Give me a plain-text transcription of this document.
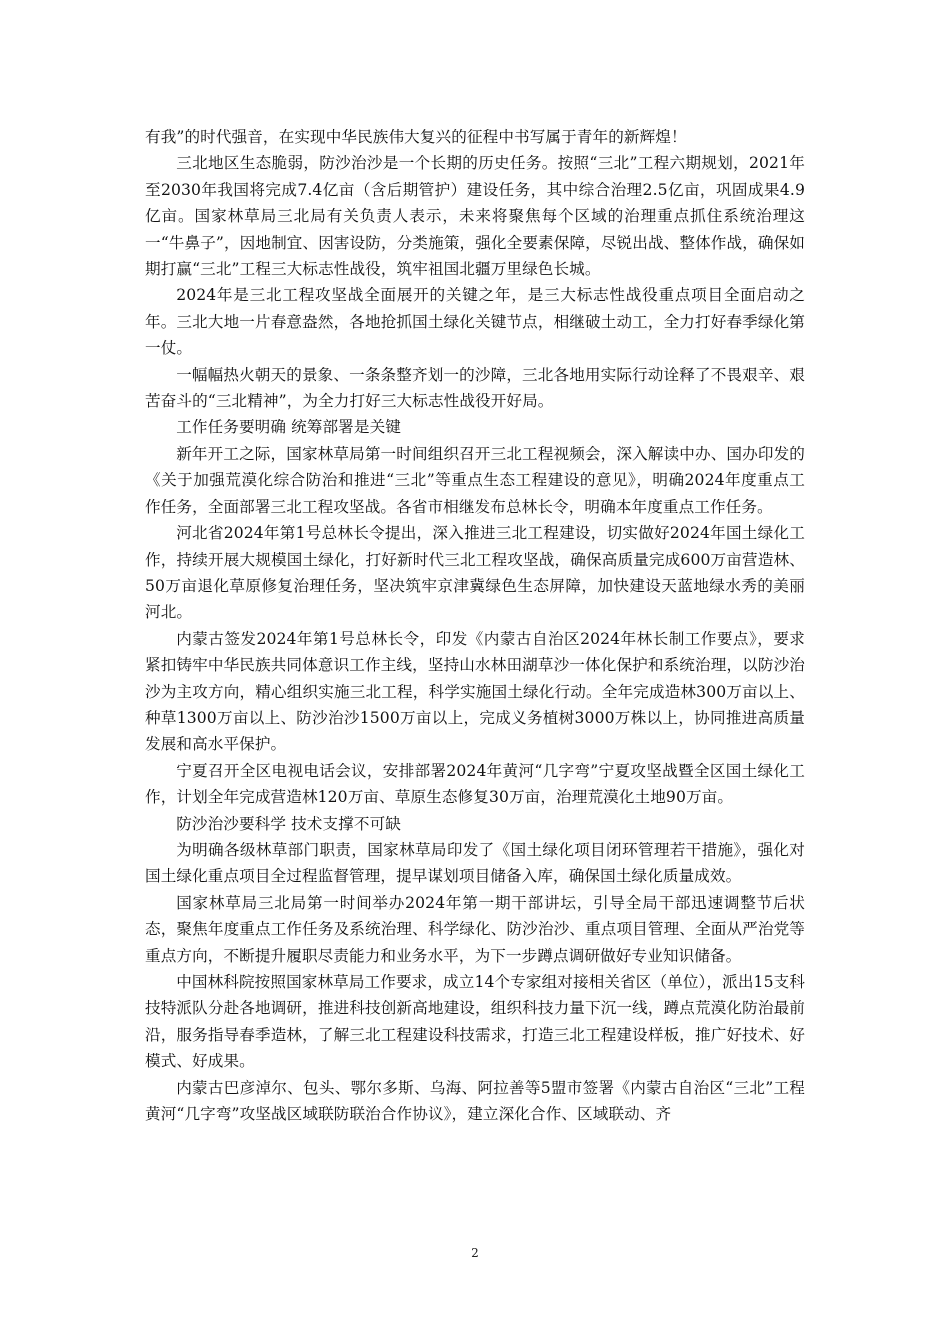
有我”的时代强音，在实现中华民族伟大复兴的征程中书写属于青年的新辉煌！

三北地区生态脆弱，防沙治沙是一个长期的历史任务。按照“三北”工程六期规划，2021年至2030年我国将完成7.4亿亩（含后期管护）建设任务，其中综合治理2.5亿亩，巩固成果4.9亿亩。国家林草局三北局有关负责人表示，未来将聚焦每个区域的治理重点抓住系统治理这一“牛鼻子”，因地制宜、因害设防，分类施策，强化全要素保障，尽锐出战、整体作战，确保如期打赢“三北”工程三大标志性战役，筑牢祖国北疆万里绿色长城。

2024年是三北工程攻坚战全面展开的关键之年，是三大标志性战役重点项目全面启动之年。三北大地一片春意盎然，各地抢抓国土绿化关键节点，相继破土动工，全力打好春季绿化第一仗。

一幅幅热火朝天的景象、一条条整齐划一的沙障，三北各地用实际行动诠释了不畏艰辛、艰苦奋斗的“三北精神”，为全力打好三大标志性战役开好局。

工作任务要明确 统筹部署是关键

新年开工之际，国家林草局第一时间组织召开三北工程视频会，深入解读中办、国办印发的《关于加强荒漠化综合防治和推进“三北”等重点生态工程建设的意见》，明确2024年度重点工作任务，全面部署三北工程攻坚战。各省市相继发布总林长令，明确本年度重点工作任务。

河北省2024年第1号总林长令提出，深入推进三北工程建设，切实做好2024年国土绿化工作，持续开展大规模国土绿化，打好新时代三北工程攻坚战，确保高质量完成600万亩营造林、50万亩退化草原修复治理任务，坚决筑牢京津冀绿色生态屏障，加快建设天蓝地绿水秀的美丽河北。

内蒙古签发2024年第1号总林长令，印发《内蒙古自治区2024年林长制工作要点》，要求紧扣铸牢中华民族共同体意识工作主线，坚持山水林田湖草沙一体化保护和系统治理，以防沙治沙为主攻方向，精心组织实施三北工程，科学实施国土绿化行动。全年完成造林300万亩以上、种草1300万亩以上、防沙治沙1500万亩以上，完成义务植树3000万株以上，协同推进高质量发展和高水平保护。

宁夏召开全区电视电话会议，安排部署2024年黄河“几字弯”宁夏攻坚战暨全区国土绿化工作，计划全年完成营造林120万亩、草原生态修复30万亩，治理荒漠化土地90万亩。

防沙治沙要科学 技术支撑不可缺

为明确各级林草部门职责，国家林草局印发了《国土绿化项目闭环管理若干措施》，强化对国土绿化重点项目全过程监督管理，提早谋划项目储备入库，确保国土绿化质量成效。

国家林草局三北局第一时间举办2024年第一期干部讲坛，引导全局干部迅速调整节后状态，聚焦年度重点工作任务及系统治理、科学绿化、防沙治沙、重点项目管理、全面从严治党等重点方向，不断提升履职尽责能力和业务水平，为下一步蹲点调研做好专业知识储备。

中国林科院按照国家林草局工作要求，成立14个专家组对接相关省区（单位），派出15支科技特派队分赴各地调研，推进科技创新高地建设，组织科技力量下沉一线，蹲点荒漠化防治最前沿，服务指导春季造林，了解三北工程建设科技需求，打造三北工程建设样板，推广好技术、好模式、好成果。

内蒙古巴彦淖尔、包头、鄂尔多斯、乌海、阿拉善等5盟市签署《内蒙古自治区“三北”工程黄河“几字弯”攻坚战区域联防联治合作协议》，建立深化合作、区域联动、齐

2
